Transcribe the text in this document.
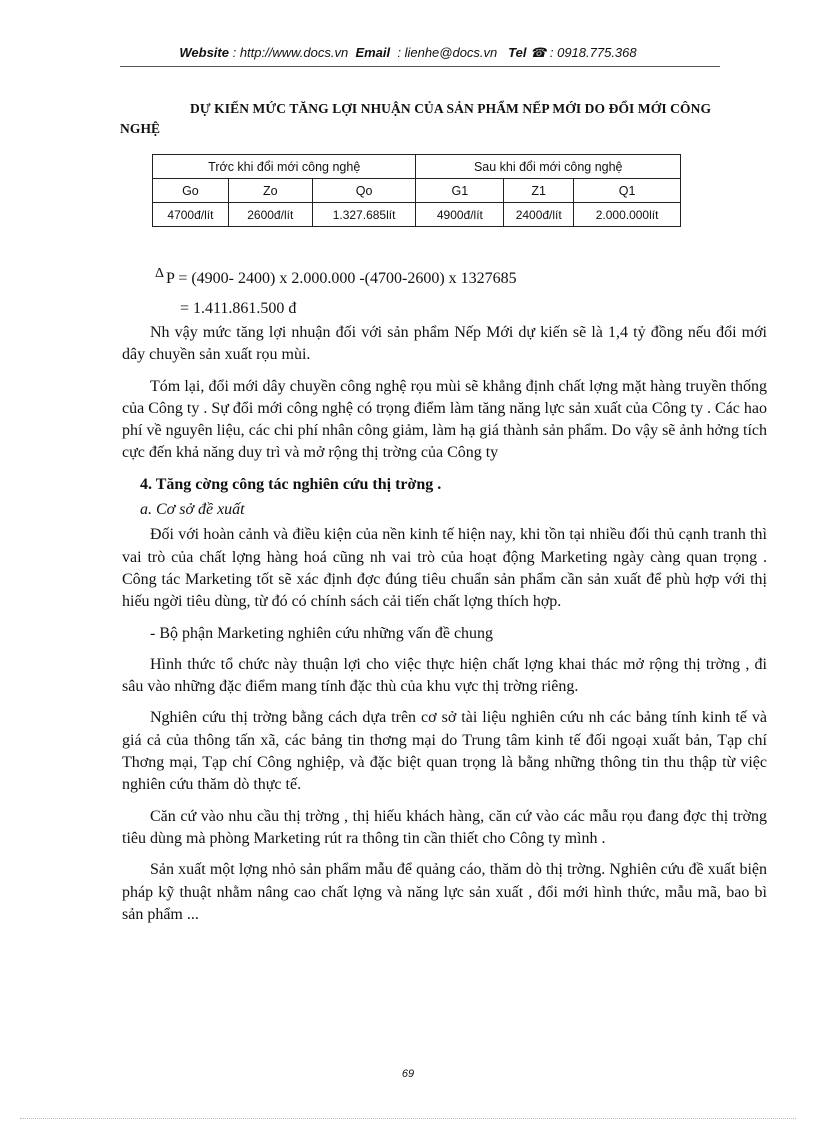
Website : http://www.docs.vn Email : lienhe@docs.vn Tel ☎ : 0918.775.368
DỰ KIẾN MỨC TĂNG LỢI NHUẬN CỦA SẢN PHẨM NẾP MỚI DO ĐỔI MỚI CÔNG
NGHỆ
Trớc khi đổi mới công nghệ			Sau khi đổi mới công nghệ		
Go	Zo	Qo	G1	Z1	Q1
4700đ/lít	2600đ/lít	1.327.685lít	4900đ/lít	2400đ/lít	2.000.000lít
Δ P = (4900- 2400) x 2.000.000 -(4700-2600) x 1327685
= 1.411.861.500 đ

Nh vậy mức tăng lợi nhuận đối với sản phẩm Nếp Mới dự kiến sẽ là 1,4 tỷ đồng nếu đổi mới dây chuyền sản xuất rọu mùi.

Tóm lại, đổi mới dây chuyền công nghệ rọu mùi sẽ khẳng định chất lợng mặt hàng truyền thống của Công ty . Sự đổi mới công nghệ có trọng điểm làm tăng năng lực sản xuất của Công ty . Các hao phí về nguyên liệu, các chi phí nhân công giảm, làm hạ giá thành sản phẩm. Do vậy sẽ ảnh hởng tích cực đến khả năng duy trì và mở rộng thị trờng của Công ty

4. Tăng cờng công tác nghiên cứu thị trờng .
a. Cơ sở đề xuất

Đối với hoàn cảnh và điều kiện của nền kinh tế hiện nay, khi tồn tại nhiều đối thủ cạnh tranh thì vai trò của chất lợng hàng hoá cũng nh vai trò của hoạt động Marketing ngày càng quan trọng . Công tác Marketing tốt sẽ xác định đợc đúng tiêu chuẩn sản phẩm cần sản xuất để phù hợp với thị hiếu ngời tiêu dùng, từ đó có chính sách cải tiến chất lợng thích hợp.

- Bộ phận Marketing nghiên cứu những vấn đề chung

Hình thức tổ chức này thuận lợi cho việc thực hiện chất lợng khai thác mở rộng thị trờng , đi sâu vào những đặc điểm mang tính đặc thù của khu vực thị trờng riêng.

Nghiên cứu thị trờng bằng cách dựa trên cơ sở tài liệu nghiên cứu nh các bảng tính kinh tế và giá cả của thông tấn xã, các bảng tin thơng mại do Trung tâm kinh tế đối ngoại xuất bản, Tạp chí Thơng mại, Tạp chí Công nghiệp, và đặc biệt quan trọng là bằng những thông tin thu thập từ việc nghiên cứu thăm dò thực tế.

Căn cứ vào nhu cầu thị trờng , thị hiếu khách hàng, căn cứ vào các mẫu rọu đang đợc thị trờng tiêu dùng mà phòng Marketing rút ra thông tin cần thiết cho Công ty mình .

Sản xuất một lợng nhỏ sản phẩm mẫu để quảng cáo, thăm dò thị trờng. Nghiên cứu đề xuất biện pháp kỹ thuật nhằm nâng cao chất lợng và năng lực sản xuất , đổi mới hình thức, mẫu mã, bao bì sản phẩm ...

69
